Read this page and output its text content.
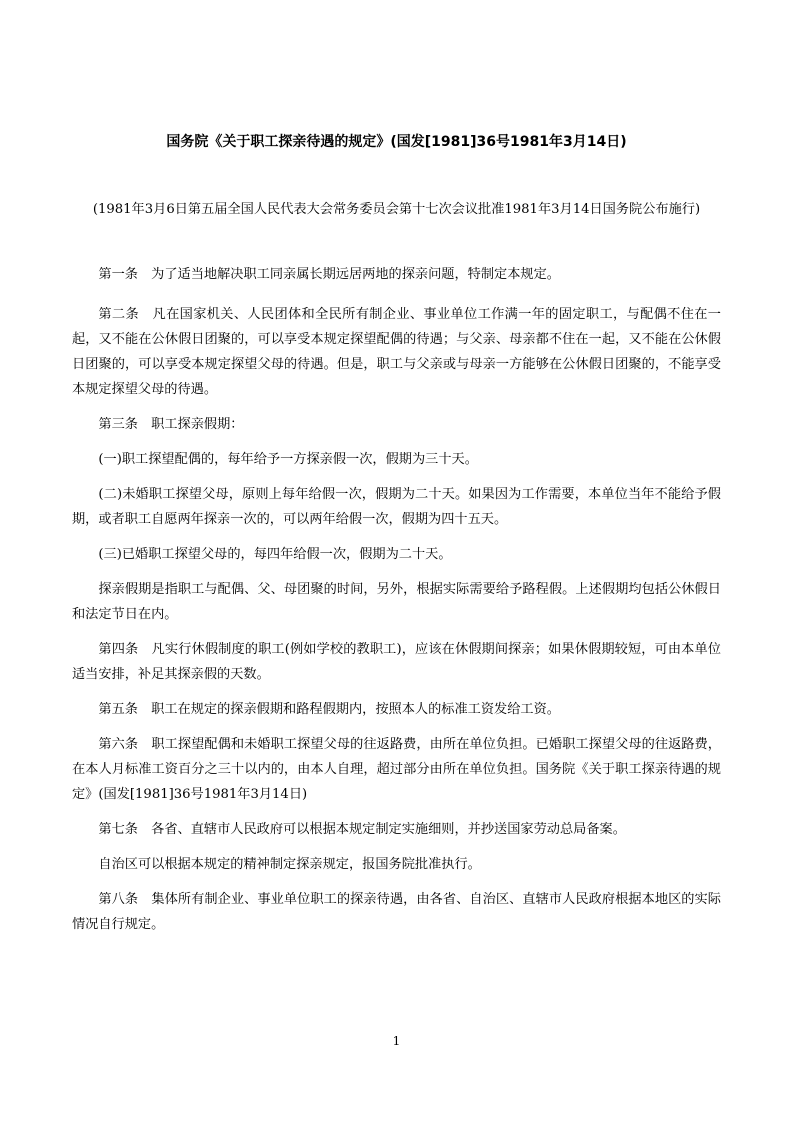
国务院《关于职工探亲待遇的规定》(国发[1981]36号1981年3月14日)
(1981年3月6日第五届全国人民代表大会常务委员会第十七次会议批准1981年3月14日国务院公布施行)

第一条　为了适当地解决职工同亲属长期远居两地的探亲问题，特制定本规定。

第二条　凡在国家机关、人民团体和全民所有制企业、事业单位工作满一年的固定职工，与配偶不住在一起，又不能在公休假日团聚的，可以享受本规定探望配偶的待遇；与父亲、母亲都不住在一起，又不能在公休假日团聚的，可以享受本规定探望父母的待遇。但是，职工与父亲或与母亲一方能够在公休假日团聚的，不能享受本规定探望父母的待遇。

第三条　职工探亲假期：

(一)职工探望配偶的，每年给予一方探亲假一次，假期为三十天。

(二)未婚职工探望父母，原则上每年给假一次，假期为二十天。如果因为工作需要，本单位当年不能给予假期，或者职工自愿两年探亲一次的，可以两年给假一次，假期为四十五天。

(三)已婚职工探望父母的，每四年给假一次，假期为二十天。

探亲假期是指职工与配偶、父、母团聚的时间，另外，根据实际需要给予路程假。上述假期均包括公休假日和法定节日在内。

第四条　凡实行休假制度的职工(例如学校的教职工)，应该在休假期间探亲；如果休假期较短，可由本单位适当安排，补足其探亲假的天数。

第五条　职工在规定的探亲假期和路程假期内，按照本人的标准工资发给工资。

第六条　职工探望配偶和未婚职工探望父母的往返路费，由所在单位负担。已婚职工探望父母的往返路费，在本人月标准工资百分之三十以内的，由本人自理，超过部分由所在单位负担。国务院《关于职工探亲待遇的规定》(国发[1981]36号1981年3月14日)

第七条　各省、直辖市人民政府可以根据本规定制定实施细则，并抄送国家劳动总局备案。

自治区可以根据本规定的精神制定探亲规定，报国务院批准执行。

第八条　集体所有制企业、事业单位职工的探亲待遇，由各省、自治区、直辖市人民政府根据本地区的实际情况自行规定。

1
